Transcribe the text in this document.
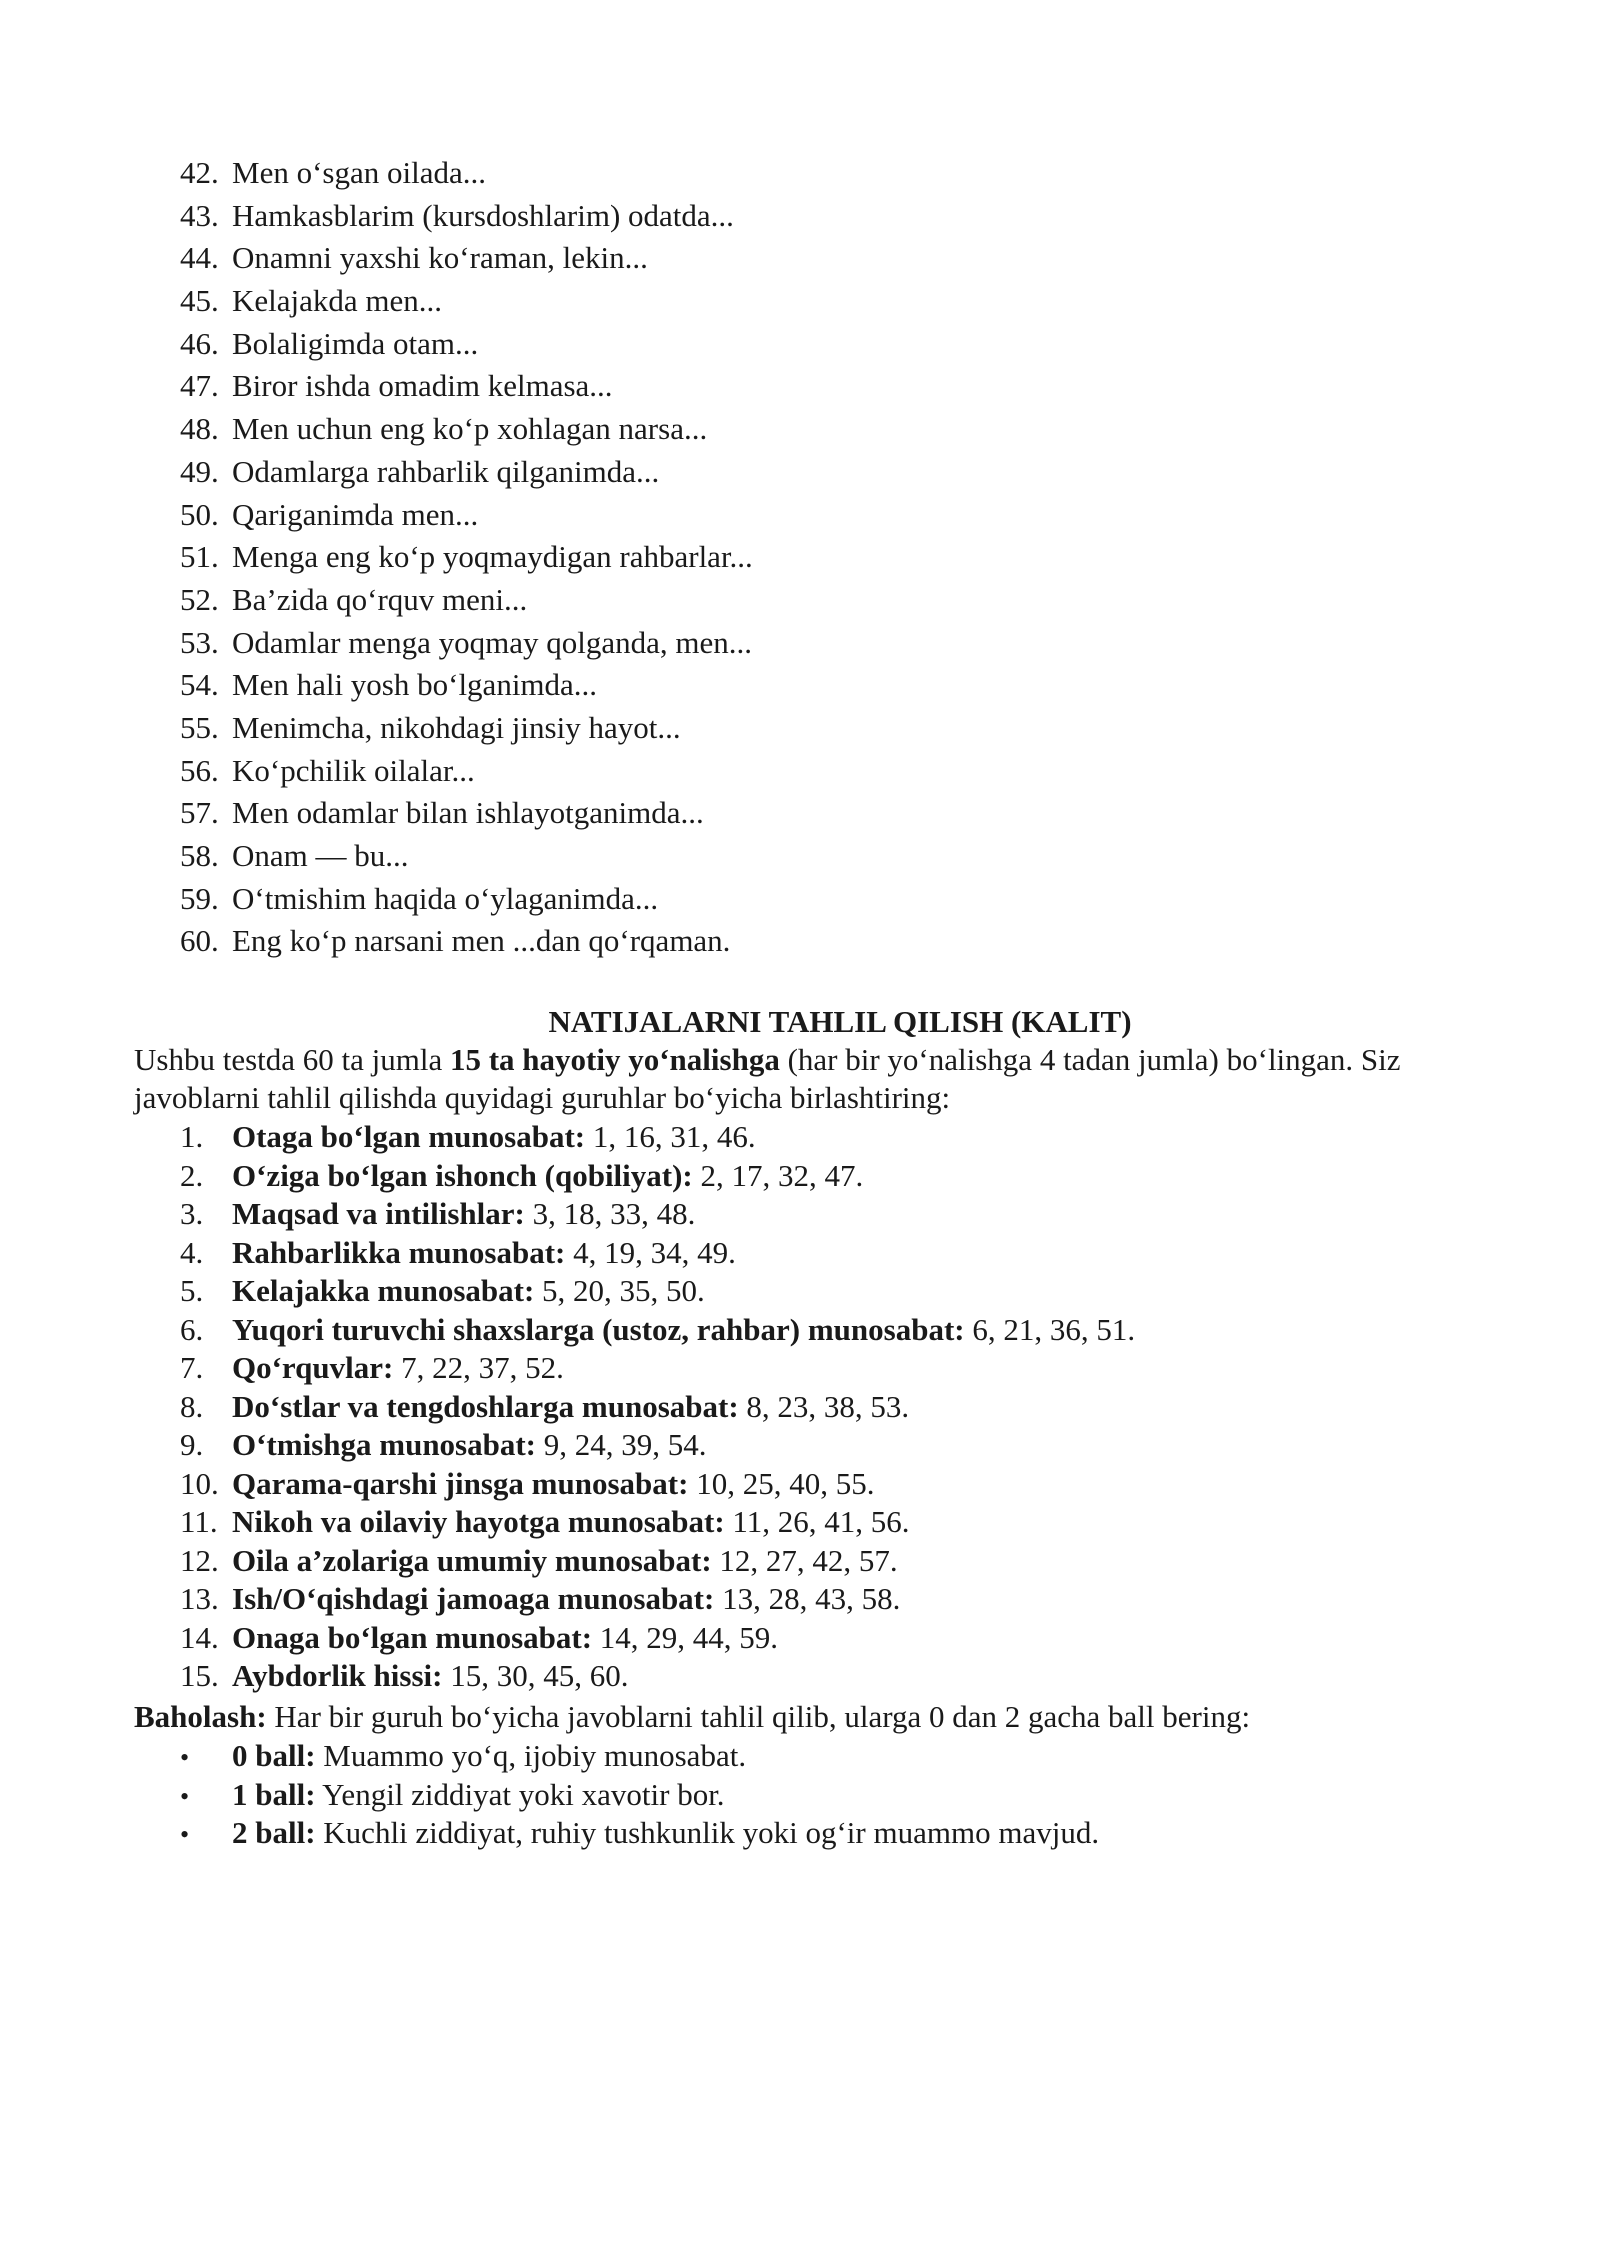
42. Men o‘sgan oilada...
43. Hamkasblarim (kursdoshlarim) odatda...
44. Onamni yaxshi ko‘raman, lekin...
45. Kelajakda men...
46. Bolaligimda otam...
47. Biror ishda omadim kelmasa...
48. Men uchun eng ko‘p xohlagan narsa...
49. Odamlarga rahbarlik qilganimda...
50. Qariganimda men...
51. Menga eng ko‘p yoqmaydigan rahbarlar...
52. Ba’zida qo‘rquv meni...
53. Odamlar menga yoqmay qolganda, men...
54. Men hali yosh bo‘lganimda...
55. Menimcha, nikohdagi jinsiy hayot...
56. Ko‘pchilik oilalar...
57. Men odamlar bilan ishlayotganimda...
58. Onam — bu...
59. O‘tmishim haqida o‘ylaganimda...
60. Eng ko‘p narsani men ...dan qo‘rqaman.
NATIJALARNI TAHLIL QILISH (KALIT)

Ushbu testda 60 ta jumla 15 ta hayotiy yo‘nalishga (har bir yo‘nalishga 4 tadan jumla) bo‘lingan. Siz javoblarni tahlil qilishda quyidagi guruhlar bo‘yicha birlashtiring:

1. Otaga bo‘lgan munosabat: 1, 16, 31, 46.
2. O‘ziga bo‘lgan ishonch (qobiliyat): 2, 17, 32, 47.
3. Maqsad va intilishlar: 3, 18, 33, 48.
4. Rahbarlikka munosabat: 4, 19, 34, 49.
5. Kelajakka munosabat: 5, 20, 35, 50.
6. Yuqori turuvchi shaxslarga (ustoz, rahbar) munosabat: 6, 21, 36, 51.
7. Qo‘rquvlar: 7, 22, 37, 52.
8. Do‘stlar va tengdoshlarga munosabat: 8, 23, 38, 53.
9. O‘tmishga munosabat: 9, 24, 39, 54.
10. Qarama-qarshi jinsga munosabat: 10, 25, 40, 55.
11. Nikoh va oilaviy hayotga munosabat: 11, 26, 41, 56.
12. Oila a’zolariga umumiy munosabat: 12, 27, 42, 57.
13. Ish/O‘qishdagi jamoaga munosabat: 13, 28, 43, 58.
14. Onaga bo‘lgan munosabat: 14, 29, 44, 59.
15. Aybdorlik hissi: 15, 30, 45, 60.

Baholash: Har bir guruh bo‘yicha javoblarni tahlil qilib, ularga 0 dan 2 gacha ball bering:

• 0 ball: Muammo yo‘q, ijobiy munosabat.
• 1 ball: Yengil ziddiyat yoki xavotir bor.
• 2 ball: Kuchli ziddiyat, ruhiy tushkunlik yoki og‘ir muammo mavjud.
